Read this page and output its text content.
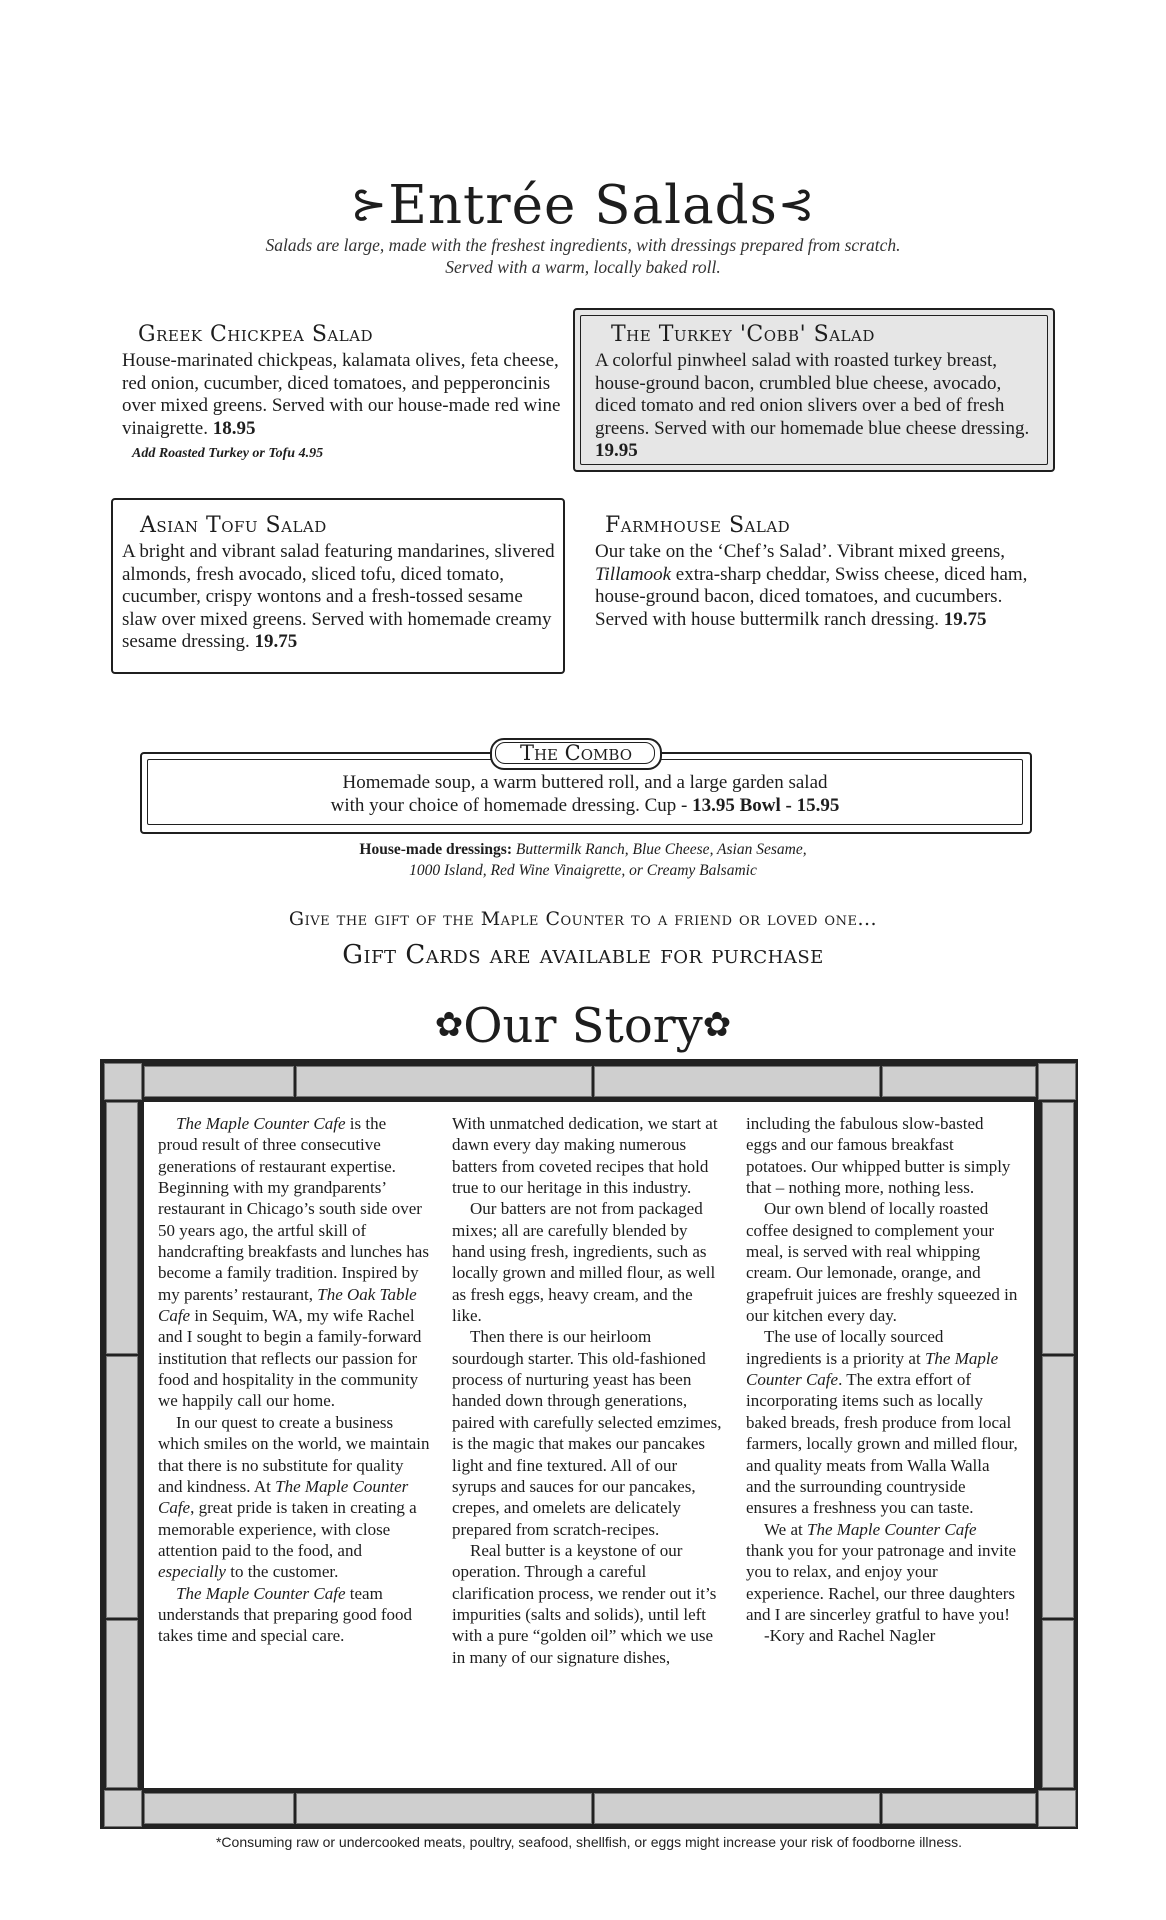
⊱Entrée Salads⊰
Salads are large, made with the freshest ingredients, with dressings prepared from scratch.
Served with a warm, locally baked roll.
Greek Chickpea Salad

House-marinated chickpeas, kalamata olives, feta cheese, red onion, cucumber, diced tomatoes, and pepperoncinis over mixed greens. Served with our house-made red wine vinaigrette. 18.95

Add Roasted Turkey or Tofu 4.95
The Turkey 'Cobb' Salad

A colorful pinwheel salad with roasted turkey breast, house-ground bacon, crumbled blue cheese, avocado, diced tomato and red onion slivers over a bed of fresh greens. Served with our homemade blue cheese dressing. 19.95

Asian Tofu Salad

A bright and vibrant salad featuring mandarines, slivered almonds, fresh avocado, sliced tofu, diced tomato, cucumber, crispy wontons and a fresh-tossed sesame slaw over mixed greens. Served with homemade creamy sesame dressing. 19.75

Farmhouse Salad

Our take on the ‘Chef’s Salad’. Vibrant mixed greens, Tillamook extra-sharp cheddar, Swiss cheese, diced ham, house-ground bacon, diced tomatoes, and cucumbers. Served with house buttermilk ranch dressing. 19.75

The Combo
Homemade soup, a warm buttered roll, and a large garden salad
with your choice of homemade dressing. Cup - 13.95 Bowl - 15.95
House-made dressings: Buttermilk Ranch, Blue Cheese, Asian Sesame,
1000 Island, Red Wine Vinaigrette, or Creamy Balsamic
Give the gift of the Maple Counter to a friend or loved one...
Gift Cards are available for purchase
✿Our Story✿

The Maple Counter Cafe is the proud result of three consecutive generations of restaurant expertise. Beginning with my grandparents’ restaurant in Chicago’s south side over 50 years ago, the artful skill of handcrafting breakfasts and lunches has become a family tradition. Inspired by my parents’ restaurant, The Oak Table Cafe in Sequim, WA, my wife Rachel and I sought to begin a family-forward institution that reflects our passion for food and hospitality in the community we happily call our home.

In our quest to create a business which smiles on the world, we maintain that there is no substitute for quality and kindness. At The Maple Counter Cafe, great pride is taken in creating a memorable experience, with close attention paid to the food, and especially to the customer.

The Maple Counter Cafe team understands that preparing good food takes time and special care.

With unmatched dedication, we start at dawn every day making numerous batters from coveted recipes that hold true to our heritage in this industry.

Our batters are not from packaged mixes; all are carefully blended by hand using fresh, ingredients, such as locally grown and milled flour, as well as fresh eggs, heavy cream, and the like.

Then there is our heirloom sourdough starter. This old-fashioned process of nurturing yeast has been handed down through generations, paired with carefully selected emzimes, is the magic that makes our pancakes light and fine textured. All of our syrups and sauces for our pancakes, crepes, and omelets are delicately prepared from scratch-recipes.

Real butter is a keystone of our operation. Through a careful clarification process, we render out it’s impurities (salts and solids), until left with a pure “golden oil” which we use in many of our signature dishes,

including the fabulous slow-basted eggs and our famous breakfast potatoes. Our whipped butter is simply that – nothing more, nothing less.

Our own blend of locally roasted coffee designed to complement your meal, is served with real whipping cream. Our lemonade, orange, and grapefruit juices are freshly squeezed in our kitchen every day.

The use of locally sourced ingredients is a priority at The Maple Counter Cafe. The extra effort of incorporating items such as locally baked breads, fresh produce from local farmers, locally grown and milled flour, and quality meats from Walla Walla and the surrounding countryside ensures a freshness you can taste.

We at The Maple Counter Cafe thank you for your patronage and invite you to relax, and enjoy your experience. Rachel, our three daughters and I are sincerley gratful to have you!

-Kory and Rachel Nagler

*Consuming raw or undercooked meats, poultry, seafood, shellfish, or eggs might increase your risk of foodborne illness.
